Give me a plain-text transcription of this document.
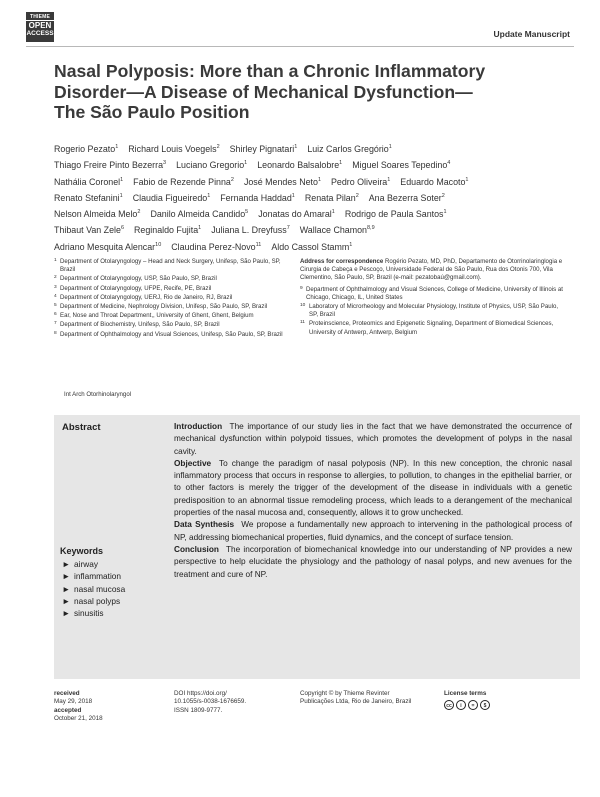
THIEME
OPEN
ACCESS	Update Manuscript
Nasal Polyposis: More than a Chronic Inflammatory
Disorder—A Disease of Mechanical Dysfunction—
The São Paulo Position
Rogerio Pezato$^1$ Richard Louis Voegels$^2$ Shirley Pignatari$^1$ Luiz Carlos Gregório$^1$
Thiago Freire Pinto Bezerra$^3$ Luciano Gregorio$^1$ Leonardo Balsalobre$^1$ Miguel Soares Tepedino$^4$
Nathália Coronel$^1$ Fabio de Rezende Pinna$^2$ José Mendes Neto$^1$ Pedro Oliveira$^1$ Eduardo Macoto$^1$
Renato Stefanini$^1$ Claudia Figueiredo$^1$ Fernanda Haddad$^1$ Renata Pilan$^2$ Ana Bezerra Soter$^2$
Nelson Almeida Melo$^2$ Danilo Almeida Candido$^5$ Jonatas do Amaral$^1$ Rodrigo de Paula Santos$^1$
Thibaut Van Zele$^6$ Reginaldo Fujita$^1$ Juliana L. Dreyfuss$^7$ Wallace Chamon$^{8,9}$
Adriano Mesquita Alencar$^{10}$ Claudina Perez-Novo$^{11}$ Aldo Cassol Stamm$^1$
1 Department of Otolaryngology – Head and Neck Surgery, Unifesp, São Paulo, SP, Brazil
2 Department of Otolaryngology, USP, São Paulo, SP, Brazil
3 Department of Otolaryngology, UFPE, Recife, PE, Brazil
4 Department of Otolaryngology, UERJ, Rio de Janeiro, RJ, Brazil
5 Department of Medicine, Nephrology Division, Unifesp, São Paulo, SP, Brazil
6 Ear, Nose and Throat Department,, University of Ghent, Ghent, Belgium
7 Department of Biochemistry, Unifesp, São Paulo, SP, Brazil
8 Department of Ophthalmology and Visual Sciences, Unifesp, São Paulo, SP, Brazil
Address for correspondence Rogério Pezato, MD, PhD, Departamento de Otorrinolaringlogia e Cirurgia de Cabeça e Pescoço, Universidade Federal de São Paulo, Rua dos Otonis 700, Vila Clementino, São Paulo, SP, Brazil (e-mail: pezatobaú@gmail.com).
9 Department of Ophthalmology and Visual Sciences, College of Medicine, University of Illinois at Chicago, Chicago, IL, United States
10 Laboratory of Microrheology and Molecular Physiology, Institute of Physics, USP, São Paulo, SP, Brazil
11 Proteinscience, Proteomics and Epigenetic Signaling, Department of Biomedical Sciences, University of Antwerp, Antwerp, Belgium
Int Arch Otorhinolaryngol
Abstract	Introduction The importance of our study lies in the fact that we have demonstrated the occurrence of mechanical dysfunction within polypoid tissues, which promotes the development of polyps in the nasal cavity.

Objective To change the paradigm of nasal polyposis (NP). In this new conception, the chronic nasal inflammatory process that occurs in response to allergies, to pollution, to changes in the epithelial barrier, or to other factors is merely the trigger of the development of the disease in individuals with a genetic predisposition to an abnormal tissue remodeling process, which leads to a derangement of the mechanical properties of the nasal mucosa and, consequently, allows it to grow unchecked.

Data Synthesis We propose a fundamentally new approach to intervening in the pathological process of NP, addressing biomechanical properties, fluid dynamics, and the concept of surface tension.

Conclusion The incorporation of biomechanical knowledge into our understanding of NP provides a new perspective to help elucidate the physiology and the pathology of nasal polyps, and new avenues for the treatment and cure of NP.

Keywords
► airway
► inflammation
► nasal mucosa
► nasal polyps
► sinusitis
received
May 29, 2018
accepted
October 21, 2018
DOI https://doi.org/
10.1055/s-0038-1676659.
ISSN 1809-9777.
Copyright © by Thieme Revinter
Publicações Ltda, Rio de Janeiro, Brazil
License terms
cc	i	=	$
